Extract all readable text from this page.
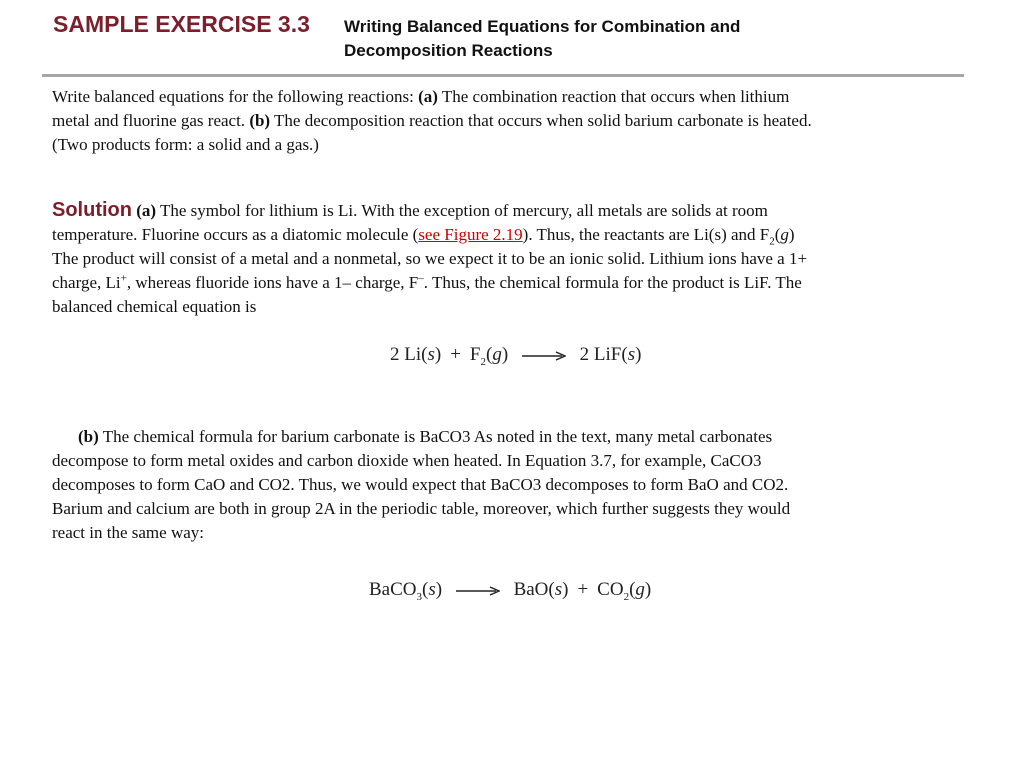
SAMPLE EXERCISE 3.3 Writing Balanced Equations for Combination and
Decomposition Reactions
Write balanced equations for the following reactions: (a) The combination reaction that occurs when lithium
metal and fluorine gas react. (b) The decomposition reaction that occurs when solid barium carbonate is heated.
(Two products form: a solid and a gas.)
Solution (a) The symbol for lithium is Li. With the exception of mercury, all metals are solids at room
temperature. Fluorine occurs as a diatomic molecule (see Figure 2.19). Thus, the reactants are Li(s) and $F_2(g)$
The product will consist of a metal and a nonmetal, so we expect it to be an ionic solid. Lithium ions have a 1+
charge, Li+, whereas fluoride ions have a 1– charge, F–. Thus, the chemical formula for the product is LiF. The
balanced chemical equation is
2 $Li(s) + F_2(g) \to 2$ LiF(s)
(b) The chemical formula for barium carbonate is BaCO3 As noted in the text, many metal carbonates
decompose to form metal oxides and carbon dioxide when heated. In Equation 3.7, for example, CaCO3
decomposes to form CaO and CO2. Thus, we would expect that BaCO3 decomposes to form BaO and CO2.
Barium and calcium are both in group 2A in the periodic table, moreover, which further suggests they would
react in the same way:
BaCO$_3$(s) → $BaO(s) + CO_2(g)$
